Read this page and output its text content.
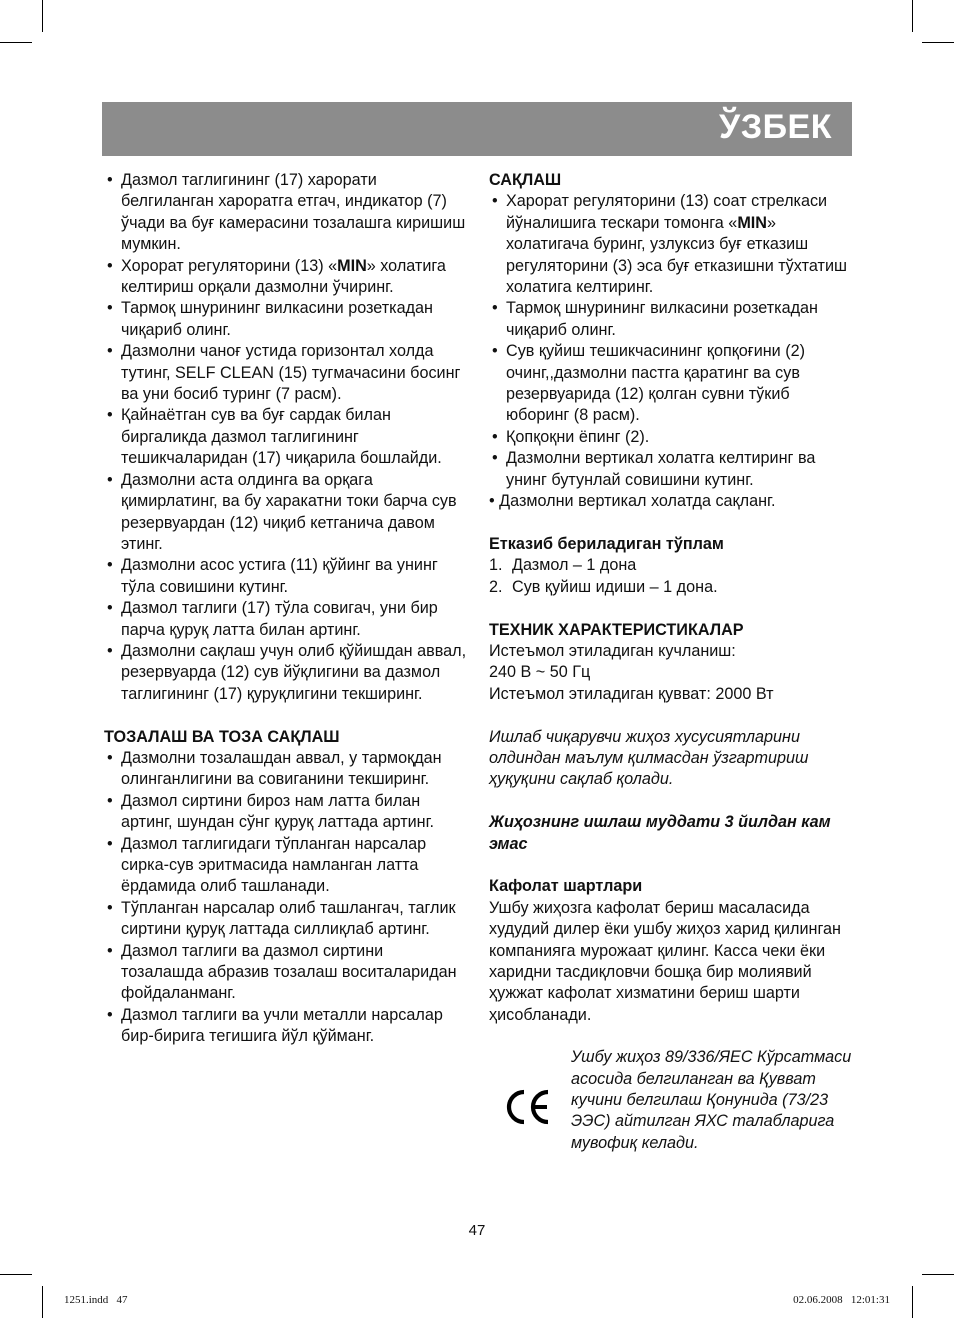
ЎЗБЕК
• Дазмол таглигининг (17) харорати белгиланган хароратга етгач, индикатор (7) ўчади ва буғ камерасини тозалашга киришиш мумкин.
• Хорорат регуляторини (13) «MIN» холатига келтириш орқали дазмолни ўчиринг.
• Тармоқ шнурининг вилкасини розеткадан чиқариб олинг.
• Дазмолни чаноғ устида горизонтал холда тутинг, SELF CLEAN (15) тугмачасини босинг ва уни босиб туринг (7 расм).
• Қайнаётган сув ва буғ сардак билан биргаликда дазмол таглигининг тешикчаларидан (17) чиқарила бошлайди.
• Дазмолни аста олдинга ва орқага қимирлатинг, ва бу харакатни токи барча сув резервуардан (12) чиқиб кетганича давом этинг.
• Дазмолни асос устига (11) қўйинг ва унинг тўла совишини кутинг.
• Дазмол таглиги (17) тўла совигач, уни бир парча қуруқ латта билан артинг.
• Дазмолни сақлаш учун олиб қўйишдан аввал, резервуарда (12) сув йўқлигини ва дазмол таглигининг (17) қуруқлигини текширинг.
ТОЗАЛАШ ВА ТОЗА САҚЛАШ
• Дазмолни тозалашдан аввал, у тармоқдан олинганлигини ва совиганини текширинг.
• Дазмол сиртини бироз нам латта билан артинг, шундан сўнг қуруқ латтада артинг.
• Дазмол таглигидаги тўпланган нарсалар сирка-сув эритмасида намланган латта ёрдамида олиб ташланади.
• Тўпланган нарсалар олиб ташлангач, таглик сиртини қуруқ латтада силлиқлаб артинг.
• Дазмол таглиги ва дазмол сиртини тозалашда абразив тозалаш воситаларидан фойдаланманг.
• Дазмол таглиги ва учли металли нарсалар бир-бирига тегишига йўл қўйманг.
САҚЛАШ
• Харорат регуляторини (13) соат стрелкаси йўналишига тескари томонга «MIN» холатигача буринг, узлуксиз буғ етказиш регуляторини (3) эса буғ етказишни тўхтатиш холатига келтиринг.
• Тармоқ шнурининг вилкасини розеткадан чиқариб олинг.
• Сув қуйиш тешикчасининг қопқоғини (2) очинг,,дазмолни пастга қаратинг ва сув резервуарида (12) қолган сувни тўкиб юборинг (8 расм).
• Қопқоқни ёпинг (2).
• Дазмолни вертикал холатга келтиринг ва унинг бутунлай совишини кутинг.
• Дазмолни вертикал холатда сақланг.
Етказиб бериладиган тўплам
1. Дазмол – 1 дона
2. Сув қуйиш идиши – 1 дона.
ТЕХНИК ХАРАКТЕРИСТИКАЛАР
Истеъмол этиладиган кучланиш:
240 В ~ 50 Гц
Истеъмол этиладиган қувват: 2000 Вт
Ишлаб чиқарувчи жиҳоз хусусиятларини олдиндан маълум қилмасдан ўзгартириш ҳуқуқини сақлаб қолади.
Жиҳознинг ишлаш муддати 3 йилдан кам эмас
Кафолат шартлари
Ушбу жиҳозга кафолат бериш масаласида худудий дилер ёки ушбу жиҳоз харид қилинган компанияга мурожаат қилинг. Касса чеки ёки харидни тасдиқловчи бошқа бир молиявий ҳужжат кафолат хизматини бериш шарти ҳисобланади.
Ушбу жиҳоз 89/336/ЯЕС Кўрсатмаси асосида белгиланган ва Қувват кучини белгилаш Қонунида (73/23 ЭЭС) айтилган ЯХС талабларига мувофиқ келади.
47
1251.indd   47	02.06.2008   12:01:31
